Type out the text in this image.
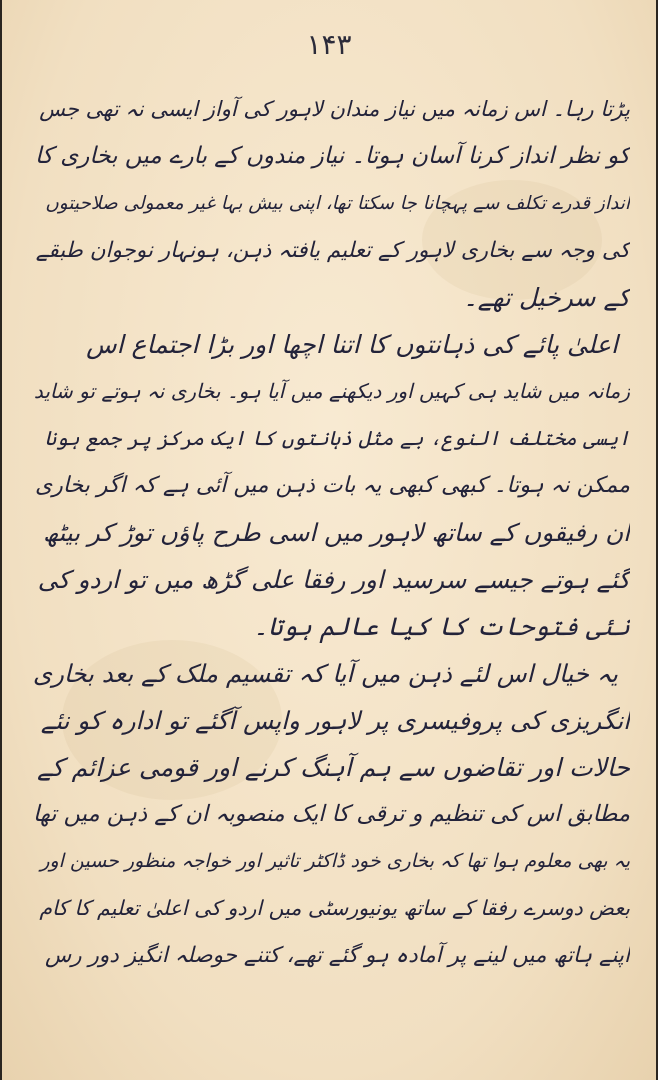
۱۴۳
پڑتا رہا۔ اس زمانہ میں نیاز مندان لاہور کی آواز ایسی نہ تھی جس
کو نظر انداز کرنا آسان ہوتا۔ نیاز مندوں کے بارے میں بخاری کا
انداز قدرے تکلف سے پہچانا جا سکتا تھا، اپنی بیش بہا غیر معمولی صلاحیتوں
کی وجہ سے بخاری لاہور کے تعلیم یافتہ ذہن، ہونہار نوجوان طبقے
کے سرخیل تھے۔
اعلیٰ پائے کی ذہانتوں کا اتنا اچھا اور بڑا اجتماع اس
زمانہ میں شاید ہی کہیں اور دیکھنے میں آیا ہو۔ بخاری نہ ہوتے تو شاید
ایسی مختلف النوع، بے مثل ذہانتوں کا ایک مرکز پر جمع ہونا
ممکن نہ ہوتا۔ کبھی کبھی یہ بات ذہن میں آئی ہے کہ اگر بخاری
ان رفیقوں کے ساتھ لاہور میں اسی طرح پاؤں توڑ کر بیٹھ
گئے ہوتے جیسے سرسید اور رفقا علی گڑھ میں تو اردو کی
نئی فتوحات کا کیا عالم ہوتا۔
یہ خیال اس لئے ذہن میں آیا کہ تقسیم ملک کے بعد بخاری
انگریزی کی پروفیسری پر لاہور واپس آگئے تو ادارہ کو نئے
حالات اور تقاضوں سے ہم آہنگ کرنے اور قومی عزائم کے
مطابق اس کی تنظیم و ترقی کا ایک منصوبہ ان کے ذہن میں تھا
یہ بھی معلوم ہوا تھا کہ بخاری خود ڈاکٹر تاثیر اور خواجہ منظور حسین اور
بعض دوسرے رفقا کے ساتھ یونیورسٹی میں اردو کی اعلیٰ تعلیم کا کام
اپنے ہاتھ میں لینے پر آمادہ ہو گئے تھے، کتنے حوصلہ انگیز دور رس
